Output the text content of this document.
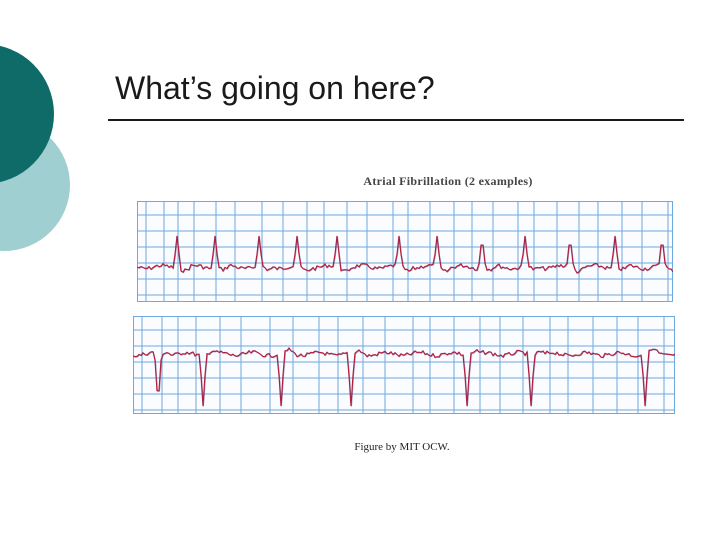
What’s going on here?
Atrial Fibrillation (2 examples)
Figure by MIT OCW.
